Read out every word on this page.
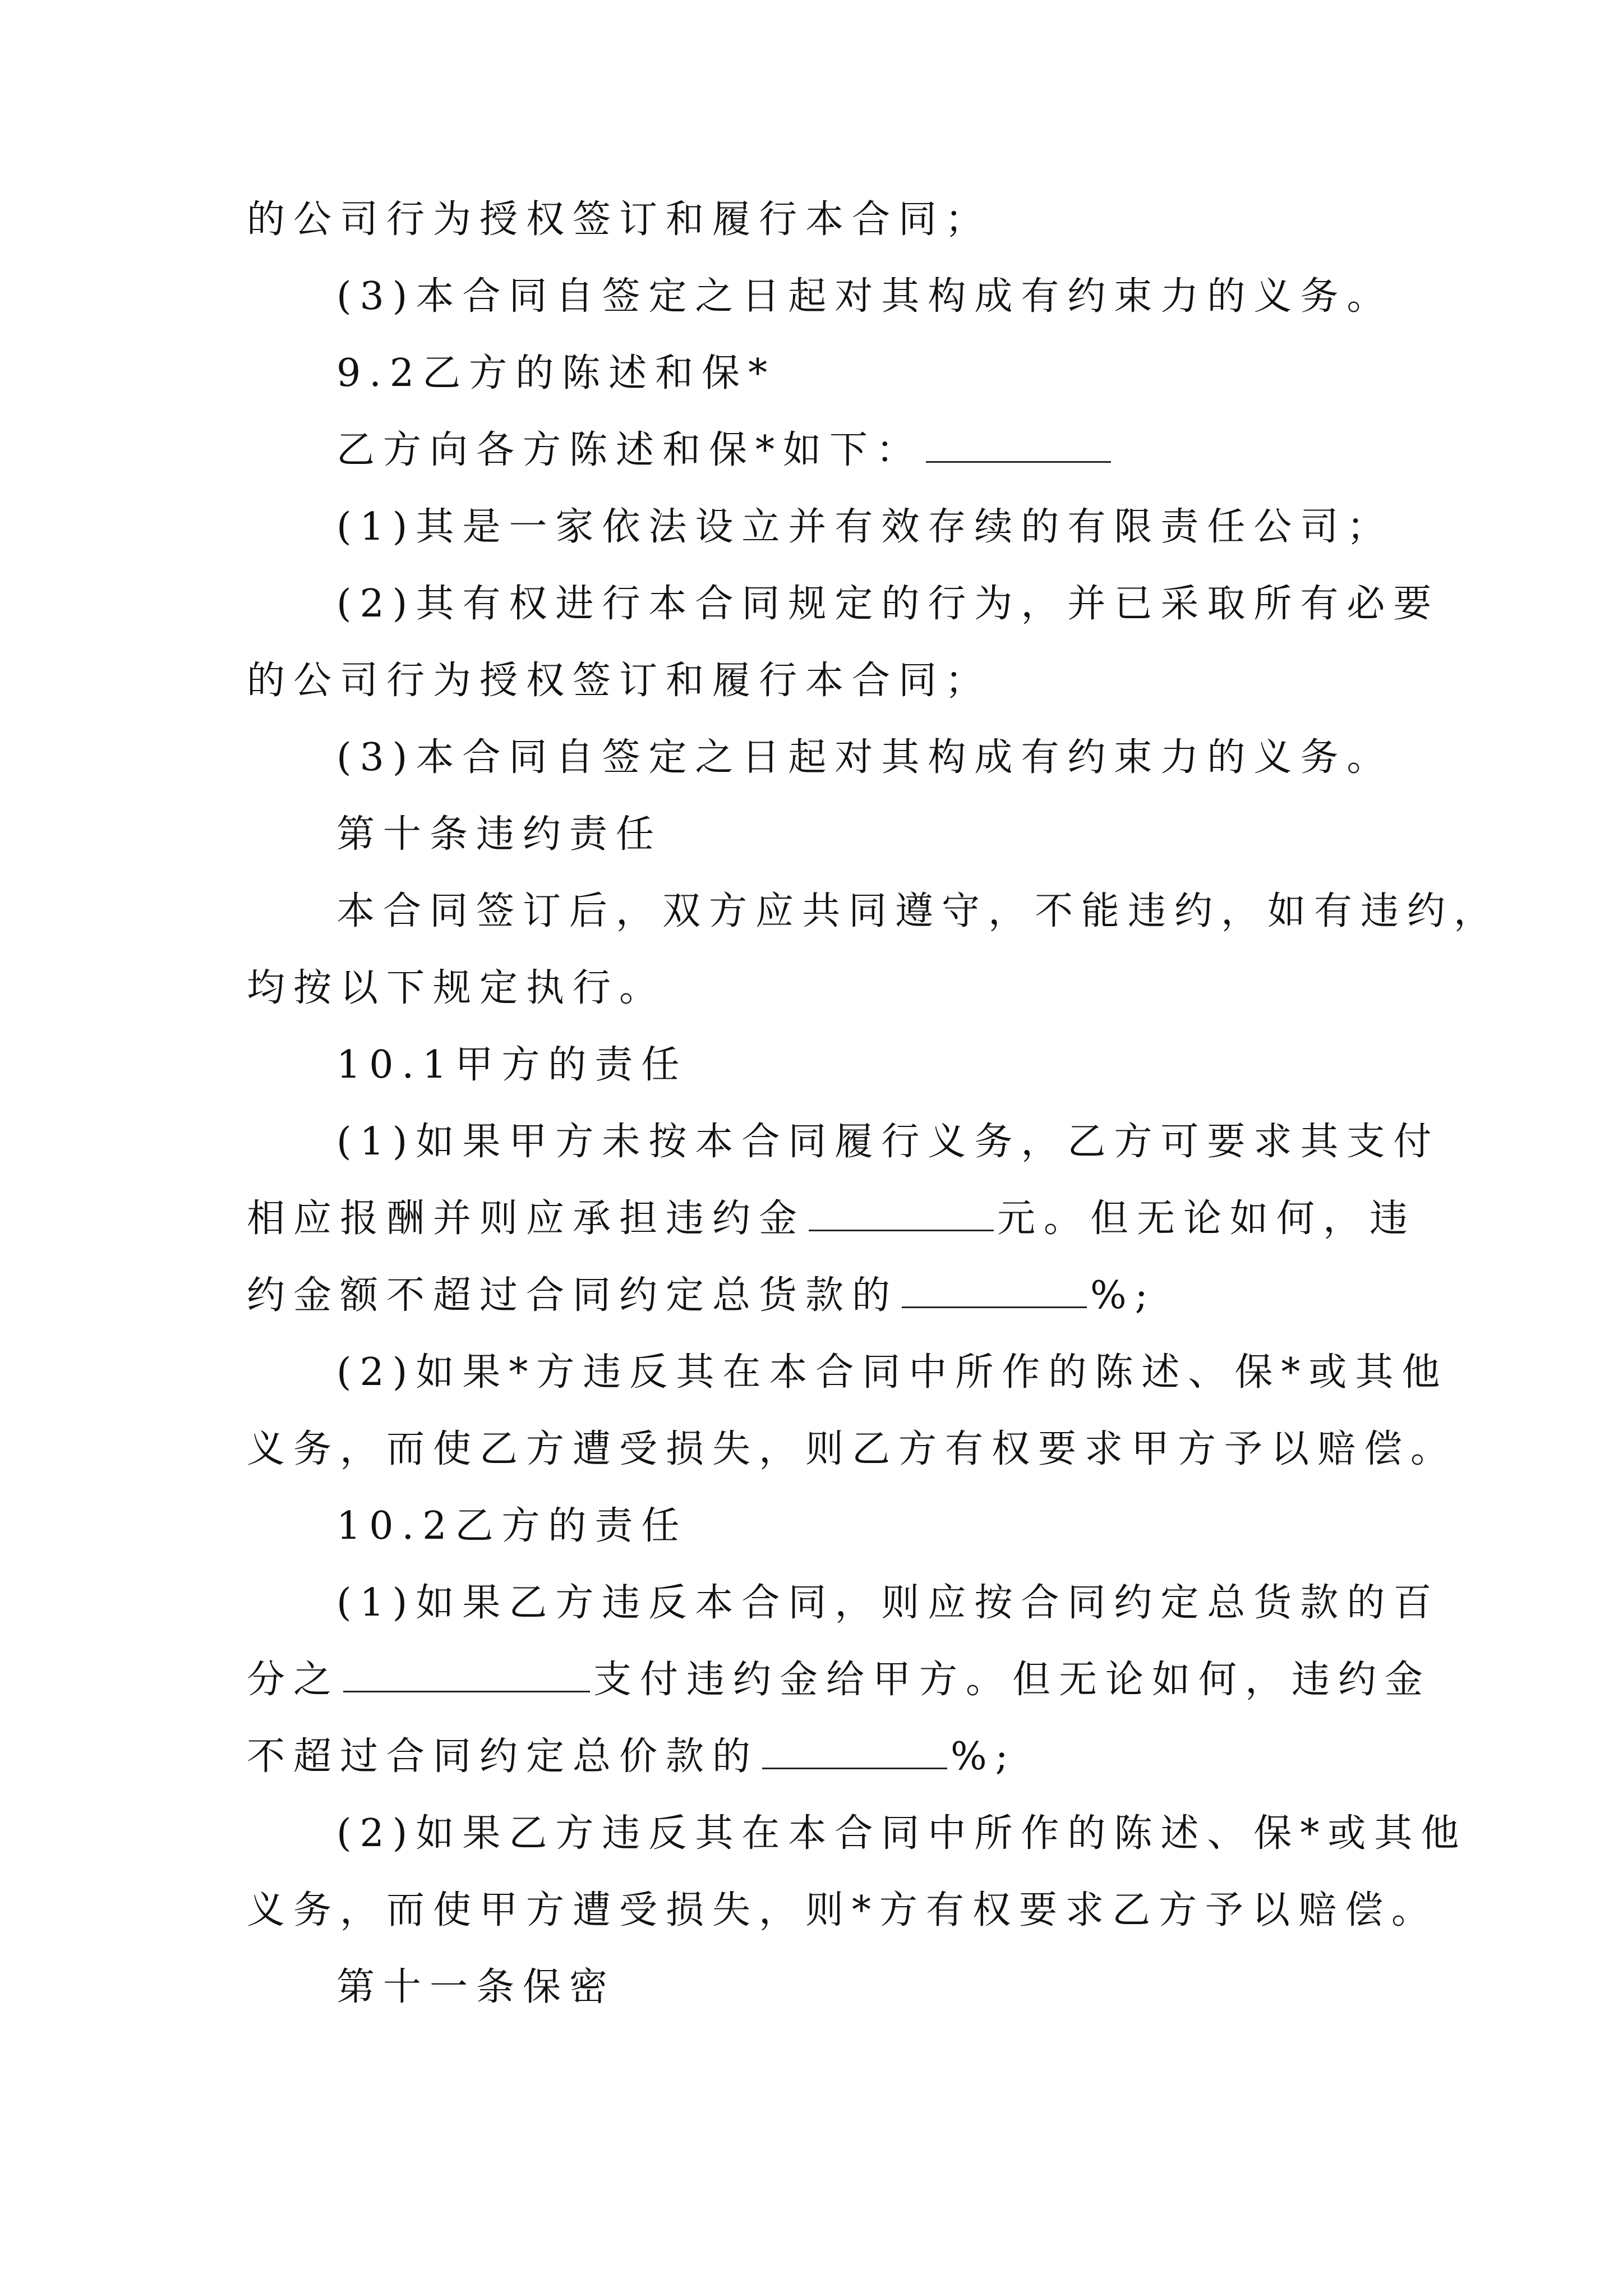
的公司行为授权签订和履行本合同；

(3)本合同自签定之日起对其构成有约束力的义务。

9.2乙方的陈述和保*

乙方向各方陈述和保*如下：

(1)其是一家依法设立并有效存续的有限责任公司；

(2)其有权进行本合同规定的行为，并已采取所有必要

的公司行为授权签订和履行本合同；

(3)本合同自签定之日起对其构成有约束力的义务。

第十条违约责任

本合同签订后，双方应共同遵守，不能违约，如有违约，

均按以下规定执行。

10.1甲方的责任

(1)如果甲方未按本合同履行义务，乙方可要求其支付

相应报酬并则应承担违约金	元。但无论如何，违

约金额不超过合同约定总货款的	%;

(2)如果*方违反其在本合同中所作的陈述、保*或其他

义务，而使乙方遭受损失，则乙方有权要求甲方予以赔偿。

10.2乙方的责任

(1)如果乙方违反本合同，则应按合同约定总货款的百

分之	支付违约金给甲方。但无论如何，违约金

不超过合同约定总价款的	%;

(2)如果乙方违反其在本合同中所作的陈述、保*或其他

义务，而使甲方遭受损失，则*方有权要求乙方予以赔偿。

第十一条保密
